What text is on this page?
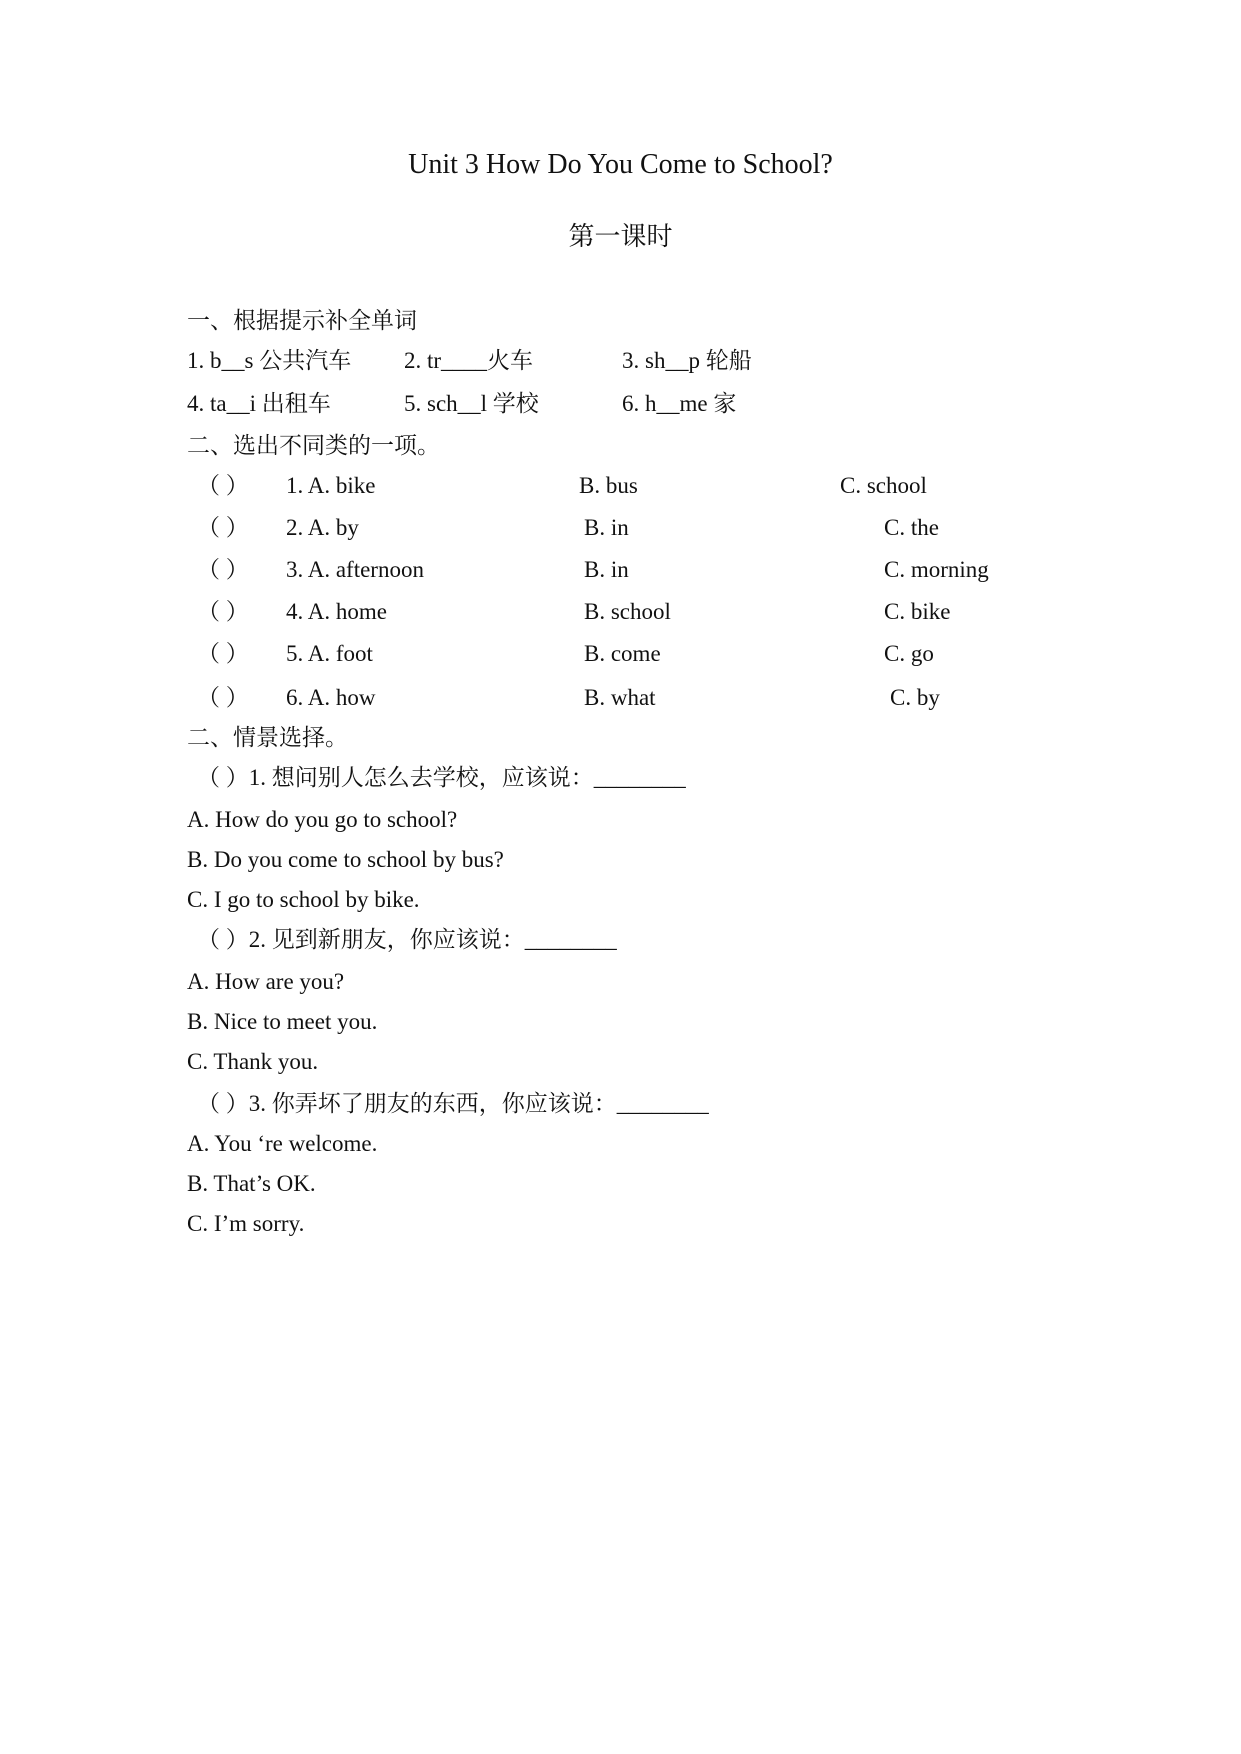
Unit 3 How Do You Come to School?
第一课时
一、根据提示补全单词
1. b__s 公共汽车 2. tr____火车	3. sh__p 轮船
4. ta__i 出租车	5. sch__l 学校	6. h__me 家
二、选出不同类的一项。
（ ） 1. A. bike	B. bus	C. school
（ ） 2. A. by	B. in	C. the
（ ） 3. A. afternoon	B. in	C. morning
（ ） 4. A. home	B. school	C. bike
（ ） 5. A. foot	B. come	C. go
（ ） 6. A. how	B. what	C. by
二、情景选择。
（ ）1. 想问别人怎么去学校，应该说：________
A. How do you go to school?
B. Do you come to school by bus?
C. I go to school by bike.
（ ）2. 见到新朋友，你应该说：________
A. How are you?
B. Nice to meet you.
C. Thank you.
（ ）3. 你弄坏了朋友的东西，你应该说：________
A. You ‘re welcome.
B. That’s OK.
C. I’m sorry.
